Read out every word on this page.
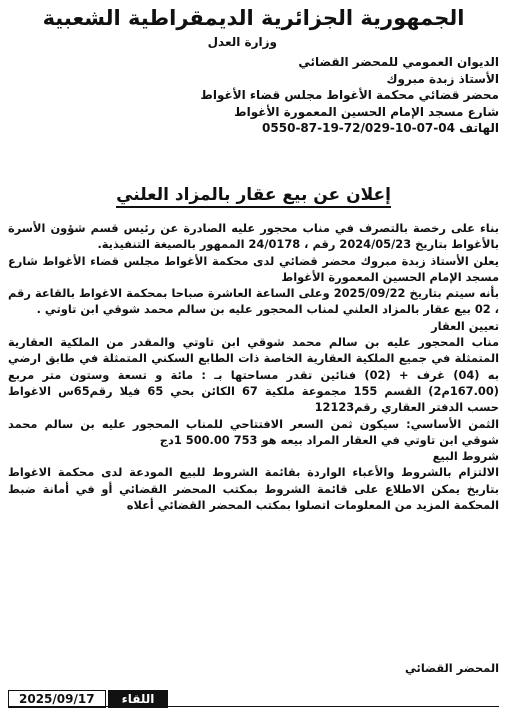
الجمهورية الجزائرية الديمقراطية الشعبية
وزارة العدل
الديوان العمومي للمحضر القضائي
الأستاذ زبدة مبروك
محضر قضائي محكمة الأغواط مجلس قضاء الأغواط
شارع مسجد الإمام الحسين المعمورة الأغواط
الهاتف 0550-87-19-72/029-10-07-04
إعلان عن بيع عقار بالمزاد العلني

بناء على رخصة بالتصرف في مناب محجور عليه الصادرة عن رئيس قسم شؤون الأسرة بالأغواط بتاريخ 2024/05/23 رقم ، 24/0178 الممهور بالصيغة التنفيذية.

يعلن الأستاذ زبدة مبروك محضر قضائي لدى محكمة الأغواط مجلس قضاء الأغواط شارع مسجد الإمام الحسين المعمورة الأغواط

بأنه سيتم بتاريخ 2025/09/22 وعلى الساعة العاشرة صباحا بمحكمة الاغواط بالقاعة رقم ، 02 بيع عقار بالمزاد العلني لمناب المحجور عليه بن سالم محمد شوقي ابن تاوتي .

تعيين العقار

مناب المحجور عليه بن سالم محمد شوقي ابن تاوتي والمقدر من الملكية العقارية المتمثلة في جميع الملكية العقارية الخاصة ذات الطابع السكني المتمثلة في طابق ارضي به (04) غرف + (02) فنائين تقدر مساحتها بـ : مائة و تسعة وستون متر مربع (167.00م2) القسم 155 مجموعة ملكية 67 الكائن بحي 65 فيلا رقم65س الاغواط حسب الدفتر العقاري رقم12123

الثمن الأساسي: سيكون ثمن السعر الافتتاحي للمناب المحجور عليه بن سالم محمد شوقي ابن تاوتي في العقار المراد بيعه هو 753 500.00 1دج

شروط البيع

الالتزام بالشروط والأعباء الواردة بقائمة الشروط للبيع المودعة لدى محكمة الاغواط بتاريخ يمكن الاطلاع على قائمة الشروط بمكتب المحضر القضائي أو في أمانة ضبط المحكمة المزيد من المعلومات اتصلوا بمكتب المحضر القضائي أعلاه

المحضر القضائي
2025/09/17	اللقاء
